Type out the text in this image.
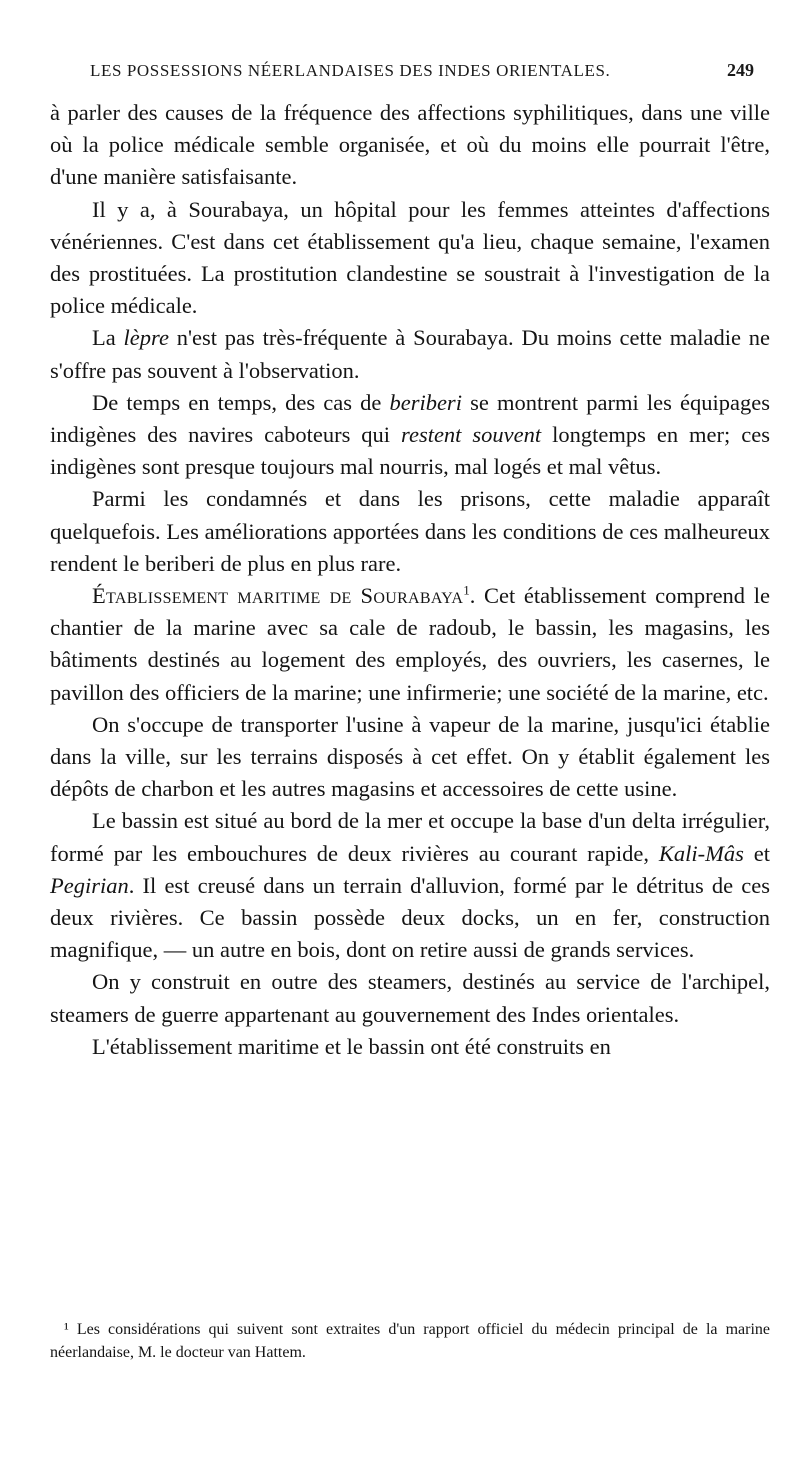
LES POSSESSIONS NÉERLANDAISES DES INDES ORIENTALES.	249

à parler des causes de la fréquence des affections syphilitiques, dans une ville où la police médicale semble organisée, et où du moins elle pourrait l'être, d'une manière satisfaisante.

Il y a, à Sourabaya, un hôpital pour les femmes atteintes d'affections vénériennes. C'est dans cet établissement qu'a lieu, chaque semaine, l'examen des prostituées. La prostitution clandestine se soustrait à l'investigation de la police médicale.

La lèpre n'est pas très-fréquente à Sourabaya. Du moins cette maladie ne s'offre pas souvent à l'observation.

De temps en temps, des cas de beriberi se montrent parmi les équipages indigènes des navires caboteurs qui restent souvent longtemps en mer; ces indigènes sont presque toujours mal nourris, mal logés et mal vêtus.

Parmi les condamnés et dans les prisons, cette maladie apparaît quelquefois. Les améliorations apportées dans les conditions de ces malheureux rendent le beriberi de plus en plus rare.

Établissement maritime de Sourabaya$^1$. Cet établissement comprend le chantier de la marine avec sa cale de radoub, le bassin, les magasins, les bâtiments destinés au logement des employés, des ouvriers, les casernes, le pavillon des officiers de la marine; une infirmerie; une société de la marine, etc.

On s'occupe de transporter l'usine à vapeur de la marine, jusqu'ici établie dans la ville, sur les terrains disposés à cet effet. On y établit également les dépôts de charbon et les autres magasins et accessoires de cette usine.

Le bassin est situé au bord de la mer et occupe la base d'un delta irrégulier, formé par les embouchures de deux rivières au courant rapide, Kali-Mâs et Pegirian. Il est creusé dans un terrain d'alluvion, formé par le détritus de ces deux rivières. Ce bassin possède deux docks, un en fer, construction magnifique, — un autre en bois, dont on retire aussi de grands services.

On y construit en outre des steamers, destinés au service de l'archipel, steamers de guerre appartenant au gouvernement des Indes orientales.

L'établissement maritime et le bassin ont été construits en

¹ Les considérations qui suivent sont extraites d'un rapport officiel du médecin principal de la marine néerlandaise, M. le docteur van Hattem.
